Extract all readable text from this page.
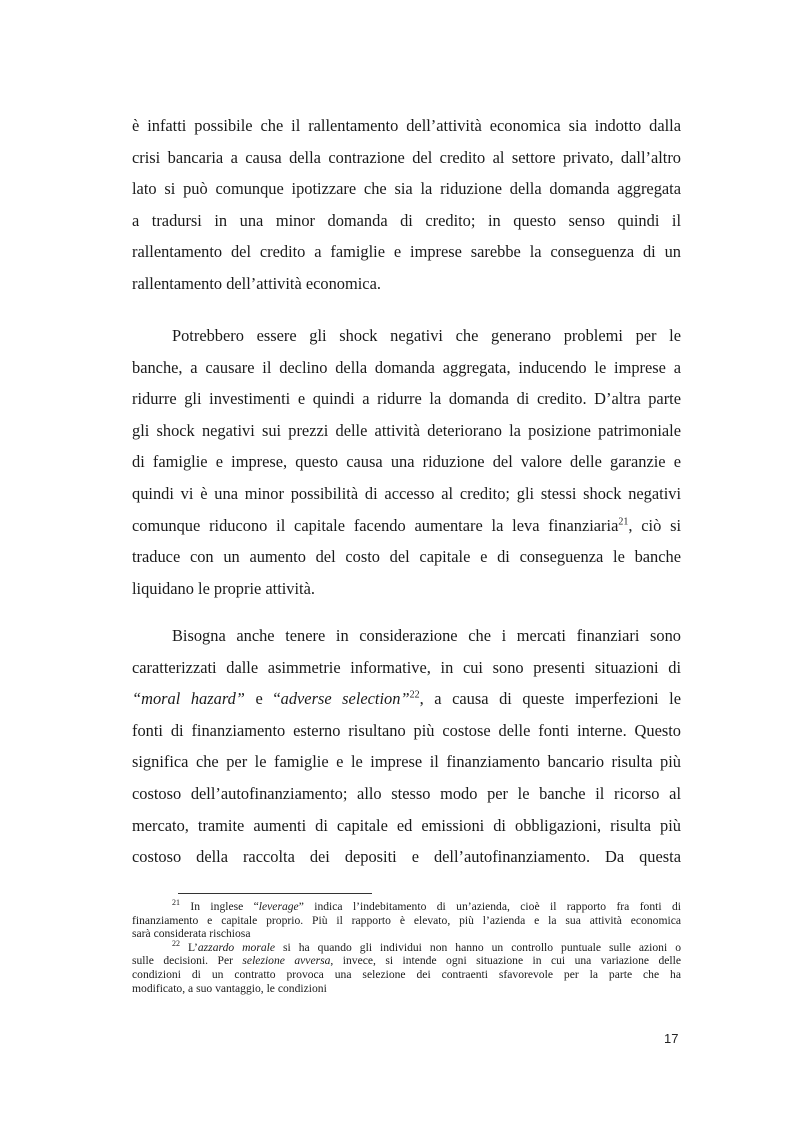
è infatti possibile che il rallentamento dell’attività economica sia indotto dalla
crisi bancaria a causa della contrazione del credito al settore privato, dall’altro
lato si può comunque ipotizzare che sia la riduzione della domanda aggregata
a tradursi in una minor domanda di credito; in questo senso quindi il
rallentamento del credito a famiglie e imprese sarebbe la conseguenza di un
rallentamento dell’attività economica.
Potrebbero essere gli shock negativi che generano problemi per le
banche, a causare il declino della domanda aggregata, inducendo le imprese a
ridurre gli investimenti e quindi a ridurre la domanda di credito. D’altra parte
gli shock negativi sui prezzi delle attività deteriorano la posizione patrimoniale
di famiglie e imprese, questo causa una riduzione del valore delle garanzie e
quindi vi è una minor possibilità di accesso al credito; gli stessi shock negativi
comunque riducono il capitale facendo aumentare la leva finanziaria$^{21}$, ciò si
traduce con un aumento del costo del capitale e di conseguenza le banche
liquidano le proprie attività.
Bisogna anche tenere in considerazione che i mercati finanziari sono
caratterizzati dalle asimmetrie informative, in cui sono presenti situazioni di
“moral hazard” e “adverse selection”$^{22}$, a causa di queste imperfezioni le
fonti di finanziamento esterno risultano più costose delle fonti interne. Questo
significa che per le famiglie e le imprese il finanziamento bancario risulta più
costoso dell’autofinanziamento; allo stesso modo per le banche il ricorso al
mercato, tramite aumenti di capitale ed emissioni di obbligazioni, risulta più
costoso della raccolta dei depositi e dell’autofinanziamento. Da questa
$^{21}$ In inglese “leverage” indica l’indebitamento di un’azienda, cioè il rapporto fra fonti di
finanziamento e capitale proprio. Più il rapporto è elevato, più l’azienda e la sua attività economica
sarà considerata rischiosa
$^{22}$ L’azzardo morale si ha quando gli individui non hanno un controllo puntuale sulle azioni o
sulle decisioni. Per selezione avversa, invece, si intende ogni situazione in cui una variazione delle
condizioni di un contratto provoca una selezione dei contraenti sfavorevole per la parte che ha
modificato, a suo vantaggio, le condizioni
17
